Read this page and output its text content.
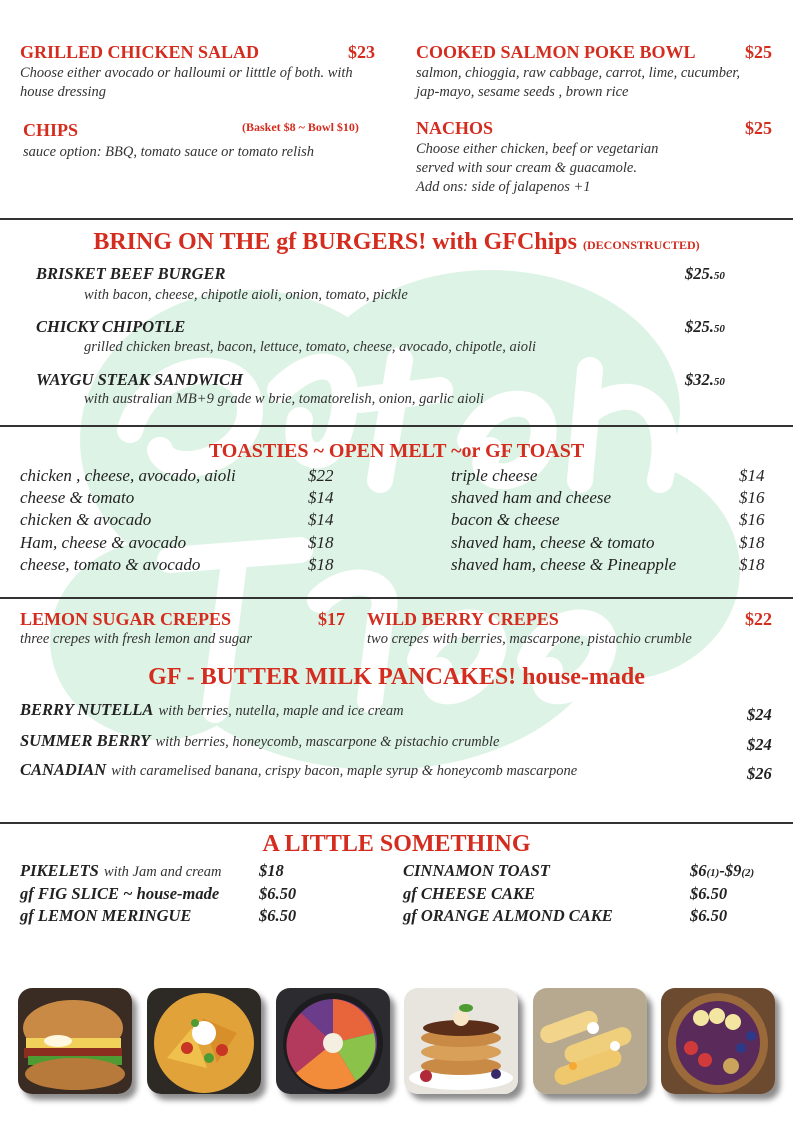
GRILLED CHICKEN SALAD	$23
Choose either avocado or halloumi or litttle of both. with
house dressing
COOKED SALMON POKE BOWL	$25
salmon, chioggia, raw cabbage, carrot, lime, cucumber,
jap-mayo, sesame seeds , brown rice
CHIPS	(Basket $8 ~ Bowl $10)
sauce option: BBQ, tomato sauce or tomato relish
NACHOS	$25
Choose either chicken, beef or vegetarian
served with sour cream & guacamole.
Add ons: side of jalapenos +1
BRING ON THE gf BURGERS! with GFChips (DECONSTRUCTED)
BRISKET BEEF BURGER	$25.50
with bacon, cheese, chipotle aioli, onion, tomato, pickle
CHICKY CHIPOTLE	$25.50
grilled chicken breast, bacon, lettuce, tomato, cheese, avocado, chipotle, aioli
WAYGU STEAK SANDWICH	$32.50
with australian MB+9 grade w brie, tomatorelish, onion, garlic aioli
TOASTIES ~ OPEN MELT ~or GF TOAST
chicken , cheese, avocado, aioli	$22
cheese & tomato	$14
chicken & avocado	$14
Ham, cheese & avocado	$18
cheese, tomato & avocado	$18
triple cheese	$14
shaved ham and cheese	$16
bacon & cheese	$16
shaved ham, cheese & tomato	$18
shaved ham, cheese & Pineapple	$18
LEMON SUGAR CREPES	$17
three crepes with fresh lemon and sugar
WILD BERRY CREPES	$22
two crepes with berries, mascarpone, pistachio crumble
GF - BUTTER MILK PANCAKES! house-made
BERRY NUTELLA with berries, nutella, maple and ice cream	$24
SUMMER BERRY with berries, honeycomb, mascarpone & pistachio crumble	$24
CANADIAN with caramelised banana, crispy bacon, maple syrup & honeycomb mascarpone	$26
A LITTLE SOMETHING
PIKELETS with Jam and cream $18
gf FIG SLICE ~ house-made $6.50
gf LEMON MERINGUE	$6.50
CINNAMON TOAST	$6(1)-$9(2)
gf CHEESE CAKE	$6.50
gf ORANGE ALMOND CAKE	$6.50
